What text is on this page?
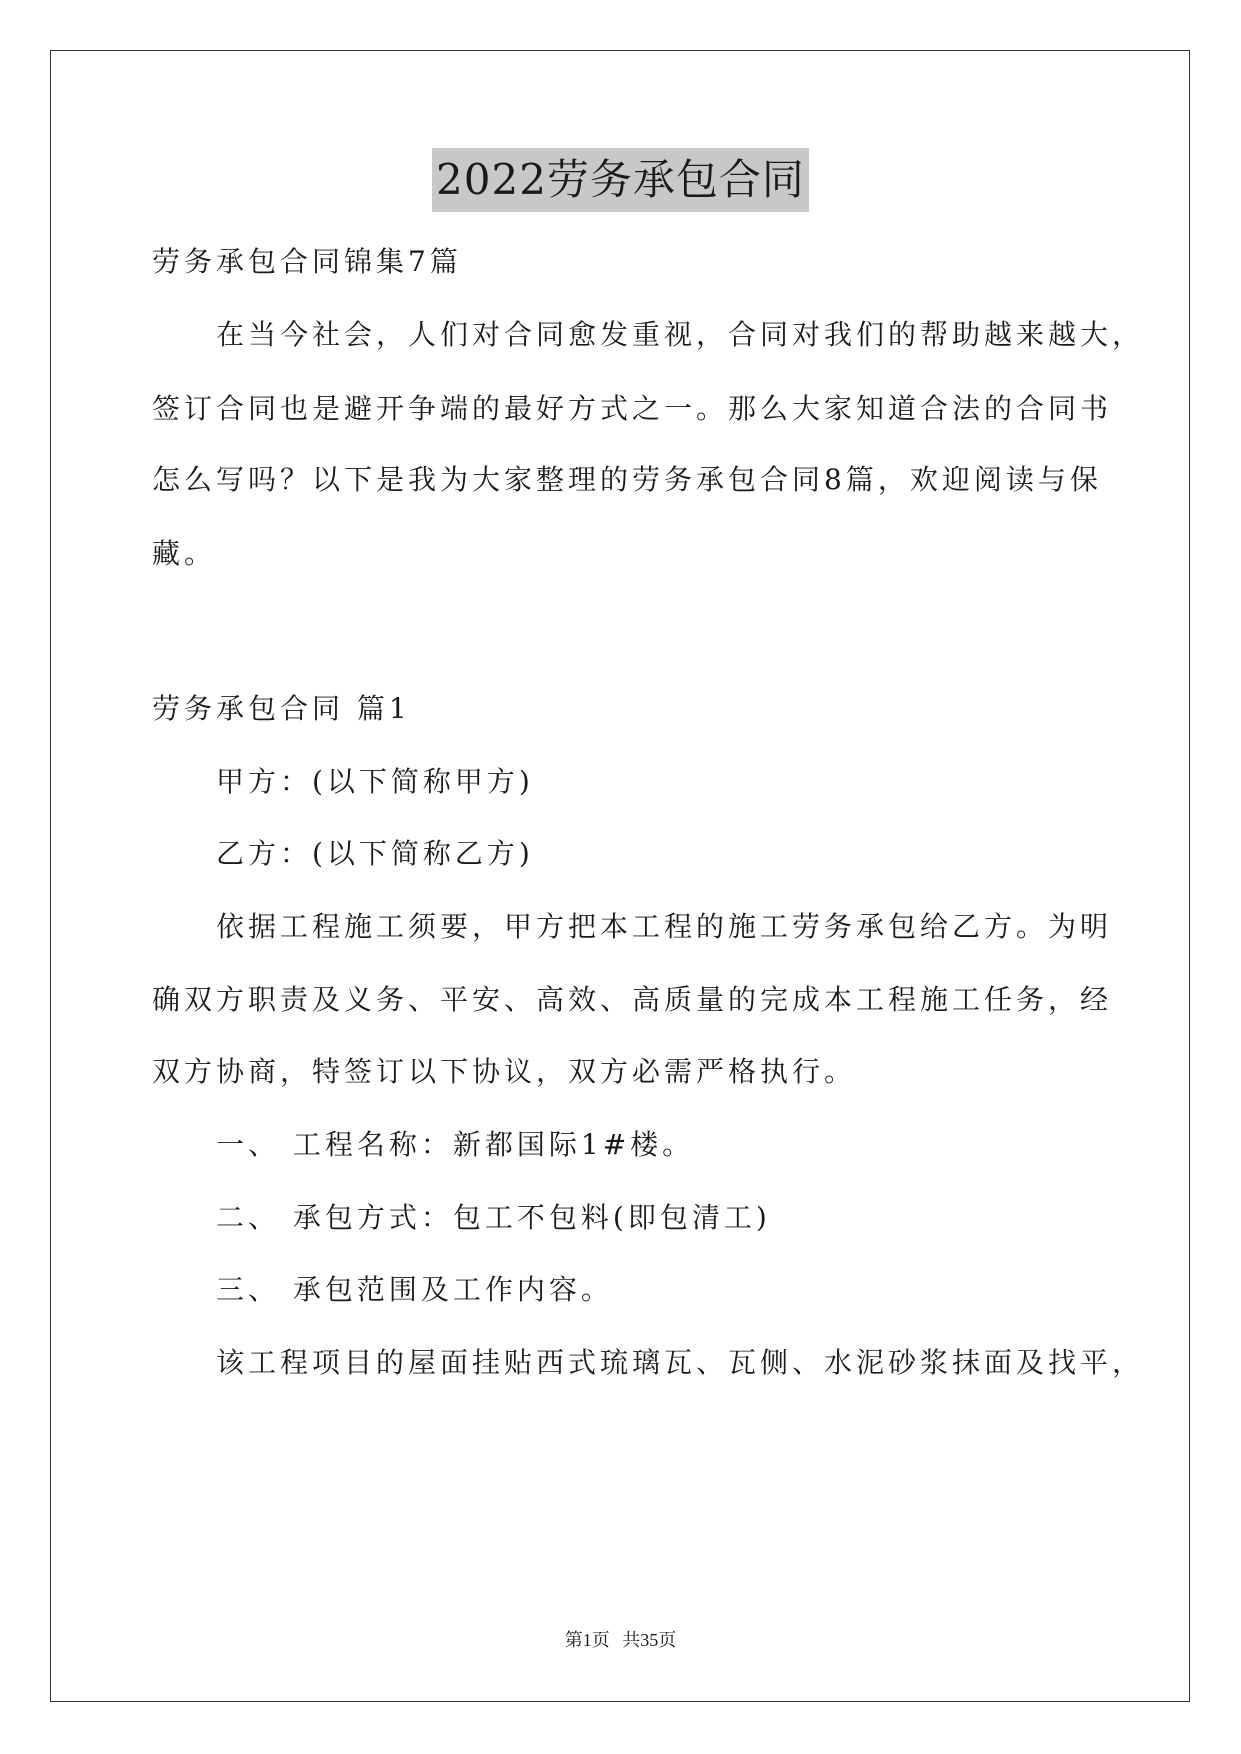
2022劳务承包合同
劳务承包合同锦集7篇
在当今社会，人们对合同愈发重视，合同对我们的帮助越来越大，
签订合同也是避开争端的最好方式之一。那么大家知道合法的合同书
怎么写吗？以下是我为大家整理的劳务承包合同8篇，欢迎阅读与保
藏。
劳务承包合同 篇1
甲方：(以下简称甲方)
乙方：(以下简称乙方)
依据工程施工须要，甲方把本工程的施工劳务承包给乙方。为明
确双方职责及义务、平安、高效、高质量的完成本工程施工任务，经
双方协商，特签订以下协议，双方必需严格执行。
一、 工程名称：新都国际1#楼。
二、 承包方式：包工不包料(即包清工)
三、 承包范围及工作内容。
该工程项目的屋面挂贴西式琉璃瓦、瓦侧、水泥砂浆抹面及找平，
第1页 共35页
